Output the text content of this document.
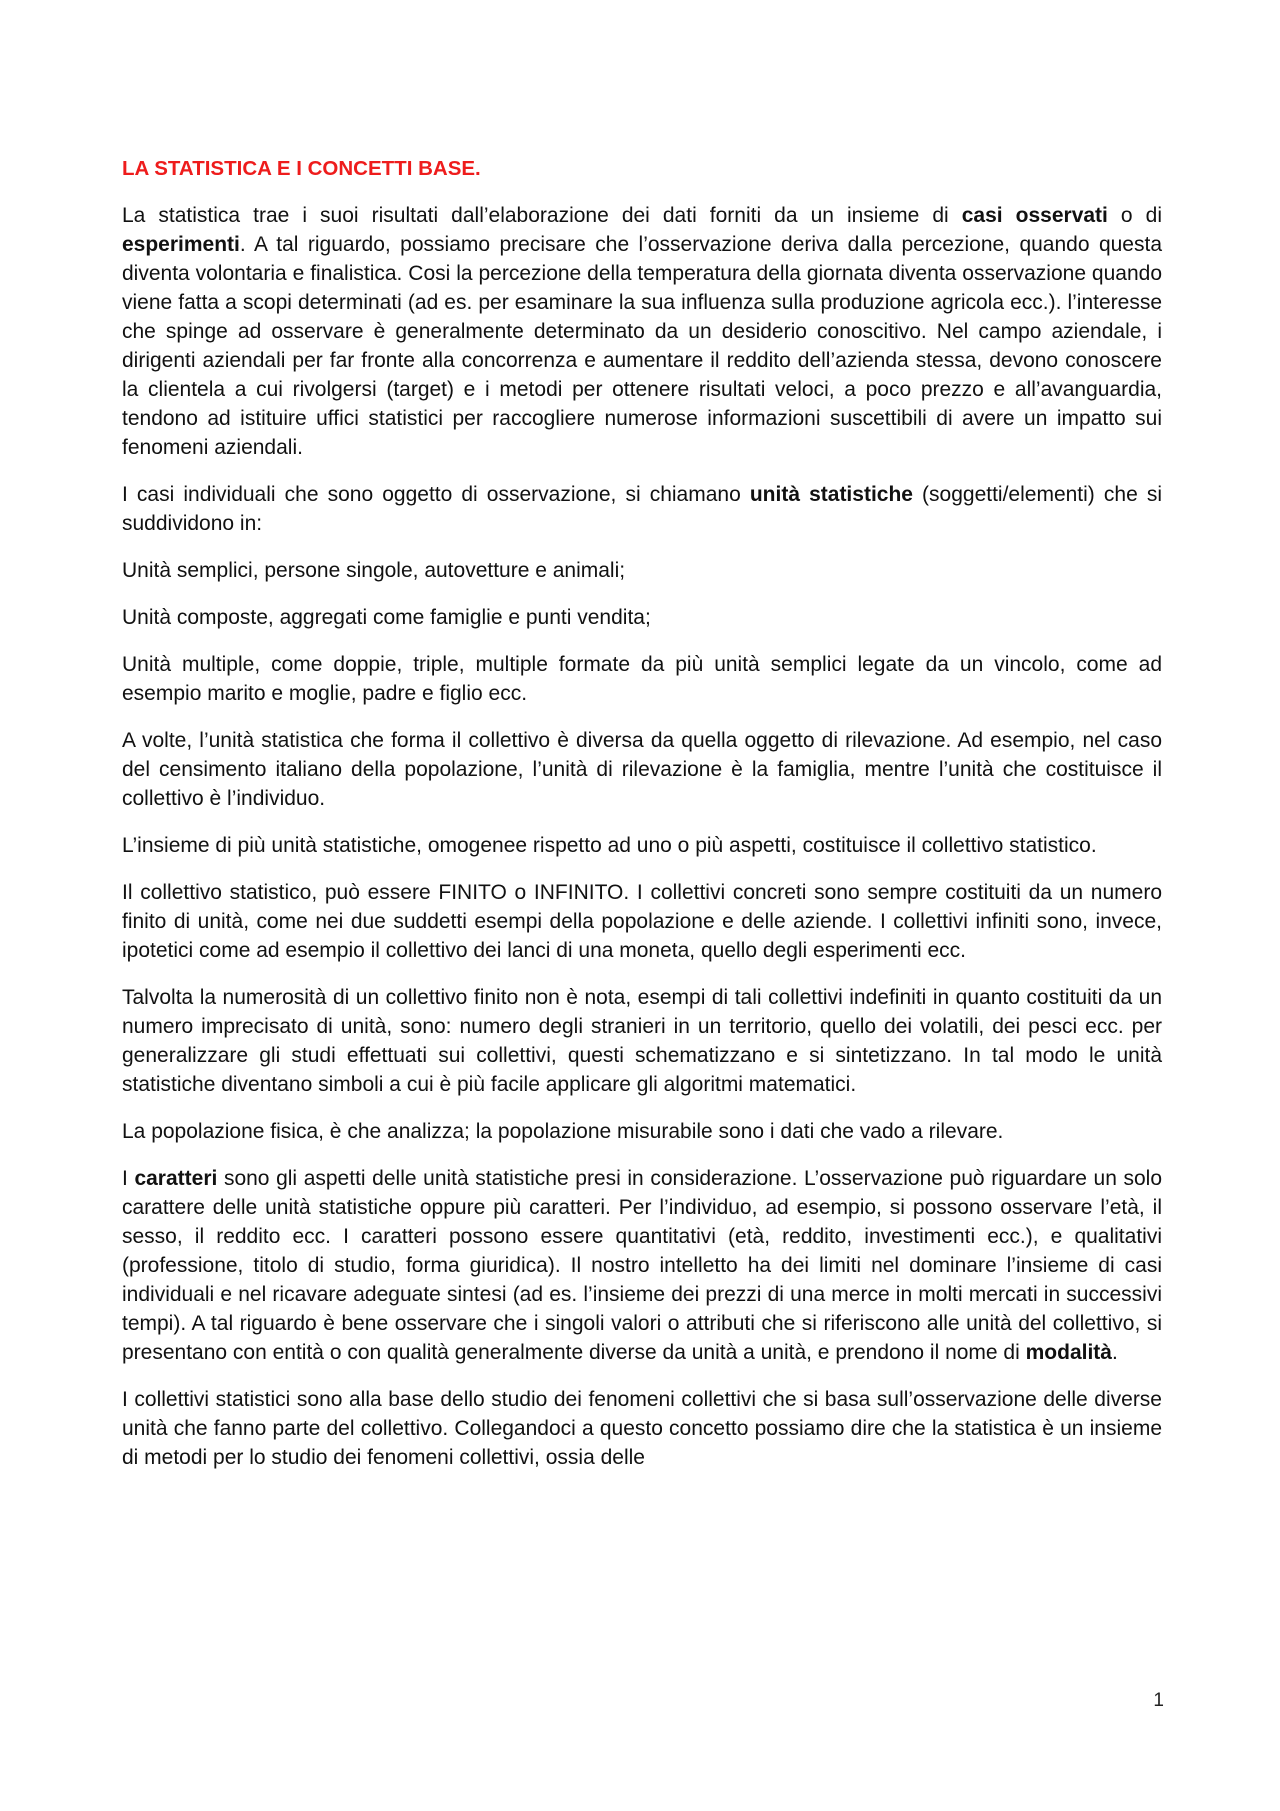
LA STATISTICA E I CONCETTI BASE.

La statistica trae i suoi risultati dall’elaborazione dei dati forniti da un insieme di casi osservati o di esperimenti. A tal riguardo, possiamo precisare che l’osservazione deriva dalla percezione, quando questa diventa volontaria e finalistica. Cosi la percezione della temperatura della giornata diventa osservazione quando viene fatta a scopi determinati (ad es. per esaminare la sua influenza sulla produzione agricola ecc.). l’interesse che spinge ad osservare è generalmente determinato da un desiderio conoscitivo. Nel campo aziendale, i dirigenti aziendali per far fronte alla concorrenza e aumentare il reddito dell’azienda stessa, devono conoscere la clientela a cui rivolgersi (target) e i metodi per ottenere risultati veloci, a poco prezzo e all’avanguardia, tendono ad istituire uffici statistici per raccogliere numerose informazioni suscettibili di avere un impatto sui fenomeni aziendali.

I casi individuali che sono oggetto di osservazione, si chiamano unità statistiche (soggetti/elementi) che si suddividono in:

Unità semplici, persone singole, autovetture e animali;

Unità composte, aggregati come famiglie e punti vendita;

Unità multiple, come doppie, triple, multiple formate da più unità semplici legate da un vincolo, come ad esempio marito e moglie, padre e figlio ecc.

A volte, l’unità statistica che forma il collettivo è diversa da quella oggetto di rilevazione. Ad esempio, nel caso del censimento italiano della popolazione, l’unità di rilevazione è la famiglia, mentre l’unità che costituisce il collettivo è l’individuo.

L’insieme di più unità statistiche, omogenee rispetto ad uno o più aspetti, costituisce il collettivo statistico.

Il collettivo statistico, può essere FINITO o INFINITO. I collettivi concreti sono sempre costituiti da un numero finito di unità, come nei due suddetti esempi della popolazione e delle aziende. I collettivi infiniti sono, invece, ipotetici come ad esempio il collettivo dei lanci di una moneta, quello degli esperimenti ecc.

Talvolta la numerosità di un collettivo finito non è nota, esempi di tali collettivi indefiniti in quanto costituiti da un numero imprecisato di unità, sono: numero degli stranieri in un territorio, quello dei volatili, dei pesci ecc. per generalizzare gli studi effettuati sui collettivi, questi schematizzano e si sintetizzano. In tal modo le unità statistiche diventano simboli a cui è più facile applicare gli algoritmi matematici.

La popolazione fisica, è che analizza; la popolazione misurabile sono i dati che vado a rilevare.

I caratteri sono gli aspetti delle unità statistiche presi in considerazione. L’osservazione può riguardare un solo carattere delle unità statistiche oppure più caratteri. Per l’individuo, ad esempio, si possono osservare l’età, il sesso, il reddito ecc. I caratteri possono essere quantitativi (età, reddito, investimenti ecc.), e qualitativi (professione, titolo di studio, forma giuridica). Il nostro intelletto ha dei limiti nel dominare l’insieme di casi individuali e nel ricavare adeguate sintesi (ad es. l’insieme dei prezzi di una merce in molti mercati in successivi tempi). A tal riguardo è bene osservare che i singoli valori o attributi che si riferiscono alle unità del collettivo, si presentano con entità o con qualità generalmente diverse da unità a unità, e prendono il nome di modalità.

I collettivi statistici sono alla base dello studio dei fenomeni collettivi che si basa sull’osservazione delle diverse unità che fanno parte del collettivo. Collegandoci a questo concetto possiamo dire che la statistica è un insieme di metodi per lo studio dei fenomeni collettivi, ossia delle

1
